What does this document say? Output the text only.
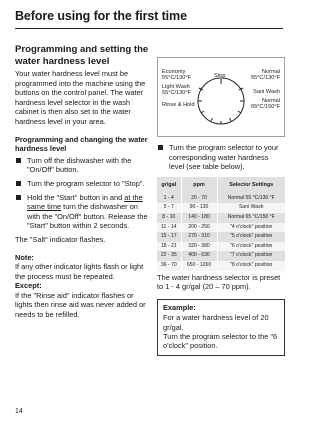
Before using for the first time
Programming and setting the water hardness level
Your water hardness level must be programmed into the machine using the buttons on the control panel. The water hardness level selector in the wash cabinet is then also set to the water hardness level in your area.
Programming and changing the water hardness level
Turn off the dishwasher with the "On/Off" button.
Turn the program selector to "Stop".
Hold the "Start" button in and at the same time turn the dishwasher on with the "On/Off" button. Release the "Start" button within 2 seconds.
The "Salt" indicator flashes.
Note:
If any other indicator lights flash or light the process must be repeated.
Except:
If the "Rinse aid" indicator flashes or lights then rinse aid was never added or needs to be refilled.
Economy
55°C/130°F
Light Wash
55°C/130°F
Rinse & Hold
Stop
Normal
55°C/130°F
Sani Wash
Normal
65°C/150°F
Turn the program selector to your corresponding water hardness level (see table below).
gr/gal	ppm	Selector Settings
1 - 4	20 - 70	Normal 55 °C/130 °F
5 - 7	90 - 130	Sani Wash
8 - 10	140 - 180	Normal 65 °C/150 °F
11 - 14	200 - 250	"4 o'clock" position
15 - 17	270 - 310	"5 o'clock" position
18 - 21	320 - 380	"6 o'clock" position
22 - 35	400 - 630	"7 o'clock" position
36 - 70	650 - 1260	"8 o'clock" position
The water hardness selector is preset to 1 - 4 gr/gal (20 – 70 ppm).
Example:
For a water hardness level of 20 gr/gal.
Turn the program selector to the "6 o'clock" position.
14
